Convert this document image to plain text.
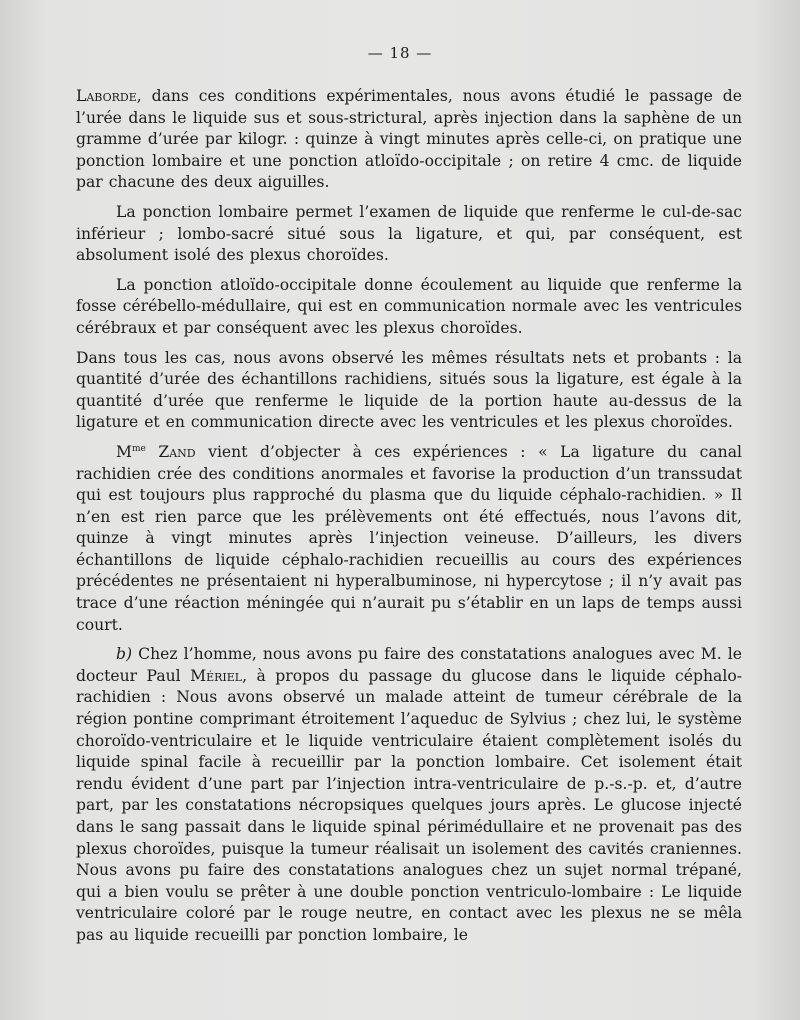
— 18 —

Laborde, dans ces conditions expérimentales, nous avons étudié le passage de l’urée dans le liquide sus et sous-strictural, après injection dans la saphène de un gramme d’urée par kilogr. : quinze à vingt minutes après celle-ci, on pratique une ponction lombaire et une ponction atloïdo-occipitale ; on retire 4 cmc. de liquide par chacune des deux aiguilles.

La ponction lombaire permet l’examen de liquide que renferme le cul-de-sac inférieur ; lombo-sacré situé sous la ligature, et qui, par conséquent, est absolument isolé des plexus choroïdes.

La ponction atloïdo-occipitale donne écoulement au liquide que renferme la fosse cérébello-médullaire, qui est en communication normale avec les ventricules cérébraux et par conséquent avec les plexus choroïdes.

Dans tous les cas, nous avons observé les mêmes résultats nets et probants : la quantité d’urée des échantillons rachidiens, situés sous la ligature, est égale à la quantité d’urée que renferme le liquide de la portion haute au-dessus de la ligature et en communication directe avec les ventricules et les plexus choroïdes.

$M^{me}$ Zand vient d’objecter à ces expériences : « La ligature du canal rachidien crée des conditions anormales et favorise la production d’un transsudat qui est toujours plus rapproché du plasma que du liquide céphalo-rachidien. » Il n’en est rien parce que les prélèvements ont été effectués, nous l’avons dit, quinze à vingt minutes après l’injection veineuse. D’ailleurs, les divers échantillons de liquide céphalo-rachidien recueillis au cours des expériences précédentes ne présentaient ni hyperalbuminose, ni hypercytose ; il n’y avait pas trace d’une réaction méningée qui n’aurait pu s’établir en un laps de temps aussi court.

b) Chez l’homme, nous avons pu faire des constatations analogues avec M. le docteur Paul Mériel, à propos du passage du glucose dans le liquide céphalo-rachidien : Nous avons observé un malade atteint de tumeur cérébrale de la région pontine comprimant étroitement l’aqueduc de Sylvius ; chez lui, le système choroïdo-ventriculaire et le liquide ventriculaire étaient complètement isolés du liquide spinal facile à recueillir par la ponction lombaire. Cet isolement était rendu évident d’une part par l’injection intra-ventriculaire de p.-s.-p. et, d’autre part, par les constatations nécropsiques quelques jours après. Le glucose injecté dans le sang passait dans le liquide spinal périmédullaire et ne provenait pas des plexus choroïdes, puisque la tumeur réalisait un isolement des cavités craniennes. Nous avons pu faire des constatations analogues chez un sujet normal trépané, qui a bien voulu se prêter à une double ponction ventriculo-lombaire : Le liquide ventriculaire coloré par le rouge neutre, en contact avec les plexus ne se mêla pas au liquide recueilli par ponction lombaire, le
